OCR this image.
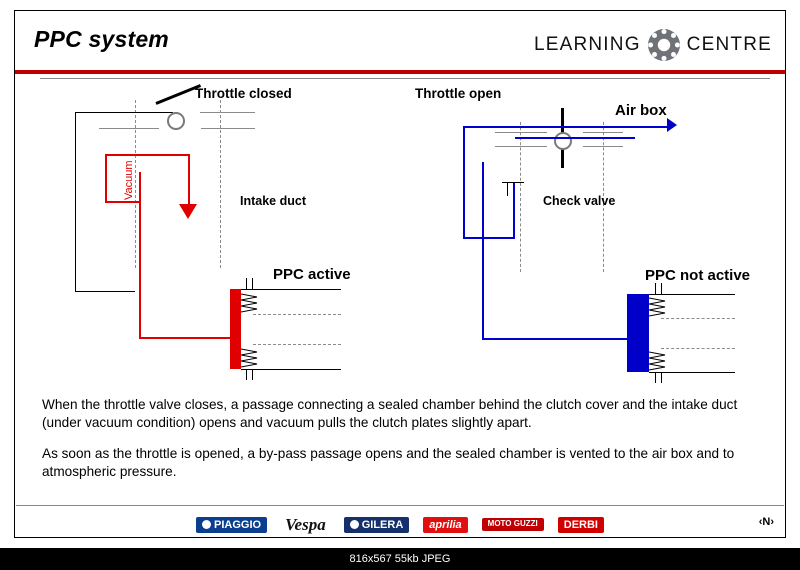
PPC system	LEARNING CENTRE
Throttle closed
Vacuum
Intake duct
PPC active
Throttle open
Air box
Check valve
PPC not active

When the throttle valve closes, a passage connecting a sealed chamber behind the clutch cover and the intake duct (under vacuum condition) opens and vacuum pulls the clutch plates slightly apart.

As soon as the throttle is opened, a by-pass passage opens and the sealed chamber is vented to the air box and to atmospheric pressure.

PIAGGIO Vespa	GILERA	aprilia	MOTO GUZZI	DERBI	‹N›
816x567 55kb JPEG
